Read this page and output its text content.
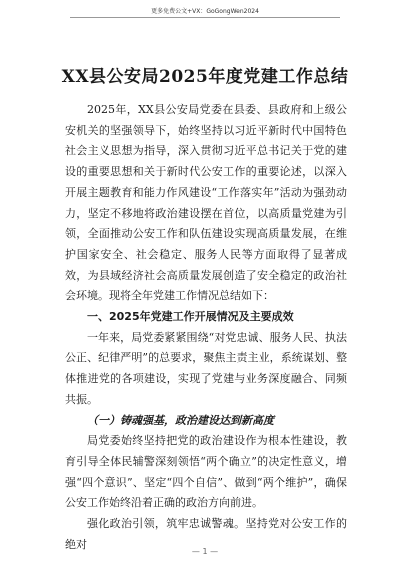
更多免费公文+VX：GoGongWen2024
XX县公安局2025年度党建工作总结

2025年，XX县公安局党委在县委、县政府和上级公安机关的坚强领导下，始终坚持以习近平新时代中国特色社会主义思想为指导，深入贯彻习近平总书记关于党的建设的重要思想和关于新时代公安工作的重要论述，以深入开展主题教育和能力作风建设“工作落实年”活动为强劲动力，坚定不移地将政治建设摆在首位，以高质量党建为引领，全面推动公安工作和队伍建设实现高质量发展，在维护国家安全、社会稳定、服务人民等方面取得了显著成效，为县域经济社会高质量发展创造了安全稳定的政治社会环境。现将全年党建工作情况总结如下：

一、2025年党建工作开展情况及主要成效

一年来，局党委紧紧围绕“对党忠诚、服务人民、执法公正、纪律严明”的总要求，聚焦主责主业，系统谋划、整体推进党的各项建设，实现了党建与业务深度融合、同频共振。

（一）铸魂强基，政治建设达到新高度

局党委始终坚持把党的政治建设作为根本性建设，教育引导全体民辅警深刻领悟“两个确立”的决定性意义，增强“四个意识”、坚定“四个自信”、做到“两个维护”，确保公安工作始终沿着正确的政治方向前进。

强化政治引领，筑牢忠诚警魂。坚持党对公安工作的绝对

— 1 —
